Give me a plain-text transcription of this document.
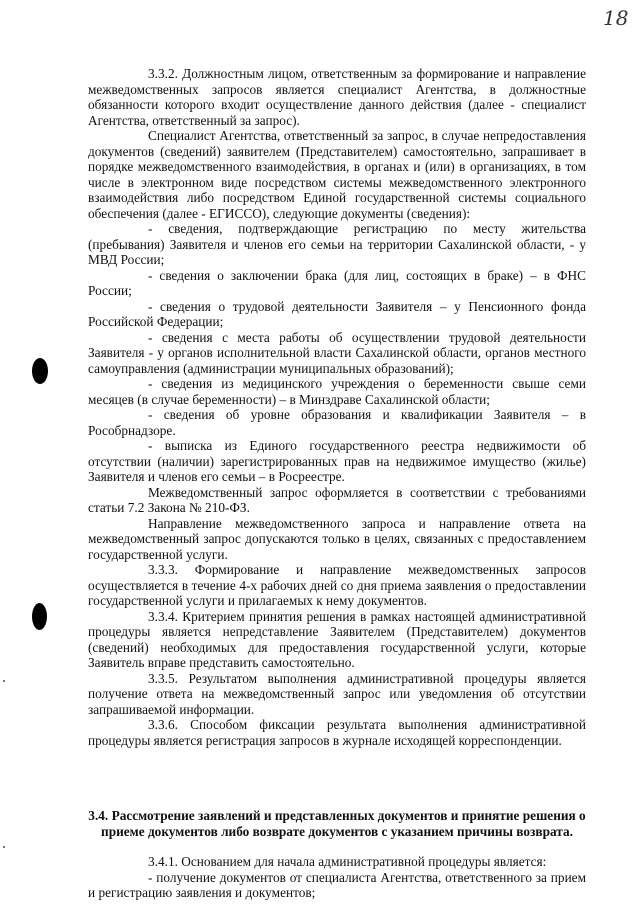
18

3.3.2. Должностным лицом, ответственным за формирование и направление межведомственных запросов является специалист Агентства, в должностные обязанности которого входит осуществление данного действия (далее - специалист Агентства, ответственный за запрос).

Специалист Агентства, ответственный за запрос, в случае непредоставления документов (сведений) заявителем (Представителем) самостоятельно, запрашивает в порядке межведомственного взаимодействия, в органах и (или) в организациях, в том числе в электронном виде посредством системы межведомственного электронного взаимодействия либо посредством Единой государственной системы социального обеспечения (далее - ЕГИССО), следующие документы (сведения):

- сведения, подтверждающие регистрацию по месту жительства (пребывания) Заявителя и членов его семьи на территории Сахалинской области, - у МВД России;

- сведения о заключении брака (для лиц, состоящих в браке) – в ФНС России;

- сведения о трудовой деятельности Заявителя – у Пенсионного фонда Российской Федерации;

- сведения с места работы об осуществлении трудовой деятельности Заявителя - у органов исполнительной власти Сахалинской области, органов местного самоуправления (администрации муниципальных образований);

- сведения из медицинского учреждения о беременности свыше семи месяцев (в случае беременности) – в Минздраве Сахалинской области;

- сведения об уровне образования и квалификации Заявителя – в Рособрнадзоре.

- выписка из Единого государственного реестра недвижимости об отсутствии (наличии) зарегистрированных прав на недвижимое имущество (жилье) Заявителя и членов его семьи – в Росреестре.

Межведомственный запрос оформляется в соответствии с требованиями статьи 7.2 Закона № 210-ФЗ.

Направление межведомственного запроса и направление ответа на межведомственный запрос допускаются только в целях, связанных с предоставлением государственной услуги.

3.3.3. Формирование и направление межведомственных запросов осуществляется в течение 4-х рабочих дней со дня приема заявления о предоставлении государственной услуги и прилагаемых к нему документов.

3.3.4. Критерием принятия решения в рамках настоящей административной процедуры является непредставление Заявителем (Представителем) документов (сведений) необходимых для предоставления государственной услуги, которые Заявитель вправе представить самостоятельно.

3.3.5. Результатом выполнения административной процедуры является получение ответа на межведомственный запрос или уведомления об отсутствии запрашиваемой информации.

3.3.6. Способом фиксации результата выполнения административной процедуры является регистрация запросов в журнале исходящей корреспонденции.

3.4. Рассмотрение заявлений и представленных документов и принятие решения о приеме документов либо возврате документов с указанием причины возврата.

3.4.1. Основанием для начала административной процедуры является:

- получение документов от специалиста Агентства, ответственного за прием и регистрацию заявления и документов;
